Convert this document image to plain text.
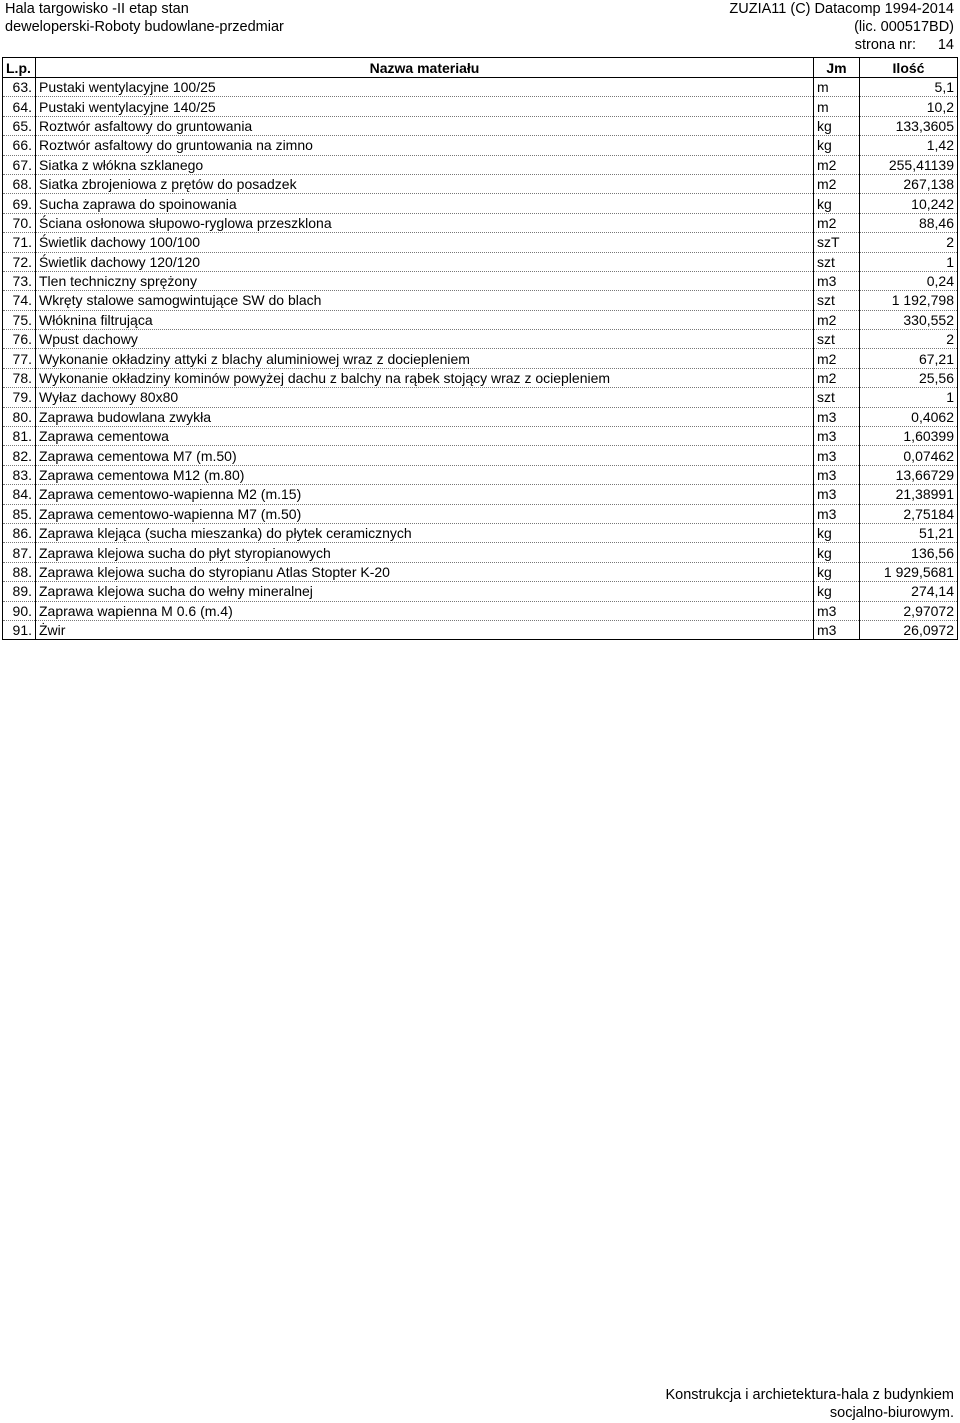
Hala targowisko -II etap stan
deweloperski-Roboty budowlane-przedmiar
ZUZIA11 (C) Datacomp 1994-2014
(lic. 000517BD)
strona nr: 14
L.p.	Nazwa materiału	Jm	Ilość
63.	Pustaki wentylacyjne 100/25	m	5,1
64.	Pustaki wentylacyjne 140/25	m	10,2
65.	Roztwór asfaltowy do gruntowania	kg	133,3605
66.	Roztwór asfaltowy do gruntowania na zimno	kg	1,42
67.	Siatka z włókna szklanego	m2	255,41139
68.	Siatka zbrojeniowa z prętów do posadzek	m2	267,138
69.	Sucha zaprawa do spoinowania	kg	10,242
70.	Ściana osłonowa słupowo-ryglowa przeszklona	m2	88,46
71.	Świetlik dachowy 100/100	szT	2
72.	Świetlik dachowy 120/120	szt	1
73.	Tlen techniczny sprężony	m3	0,24
74.	Wkręty stalowe samogwintujące SW do blach	szt	1 192,798
75.	Włóknina filtrująca	m2	330,552
76.	Wpust dachowy	szt	2
77.	Wykonanie okładziny attyki z blachy aluminiowej wraz z dociepleniem	m2	67,21
78.	Wykonanie okładziny kominów powyżej dachu z balchy na rąbek stojący wraz z ociepleniem	m2	25,56
79.	Wyłaz dachowy 80x80	szt	1
80.	Zaprawa budowlana zwykła	m3	0,4062
81.	Zaprawa cementowa	m3	1,60399
82.	Zaprawa cementowa M7 (m.50)	m3	0,07462
83.	Zaprawa cementowa M12 (m.80)	m3	13,66729
84.	Zaprawa cementowo-wapienna M2 (m.15)	m3	21,38991
85.	Zaprawa cementowo-wapienna M7 (m.50)	m3	2,75184
86.	Zaprawa klejąca (sucha mieszanka) do płytek ceramicznych	kg	51,21
87.	Zaprawa klejowa sucha do płyt styropianowych	kg	136,56
88.	Zaprawa klejowa sucha do styropianu Atlas Stopter K-20	kg	1 929,5681
89.	Zaprawa klejowa sucha do wełny mineralnej	kg	274,14
90.	Zaprawa wapienna M 0.6 (m.4)	m3	2,97072
91.	Żwir	m3	26,0972
Konstrukcja i archietektura-hala z budynkiem
socjalno-biurowym.
